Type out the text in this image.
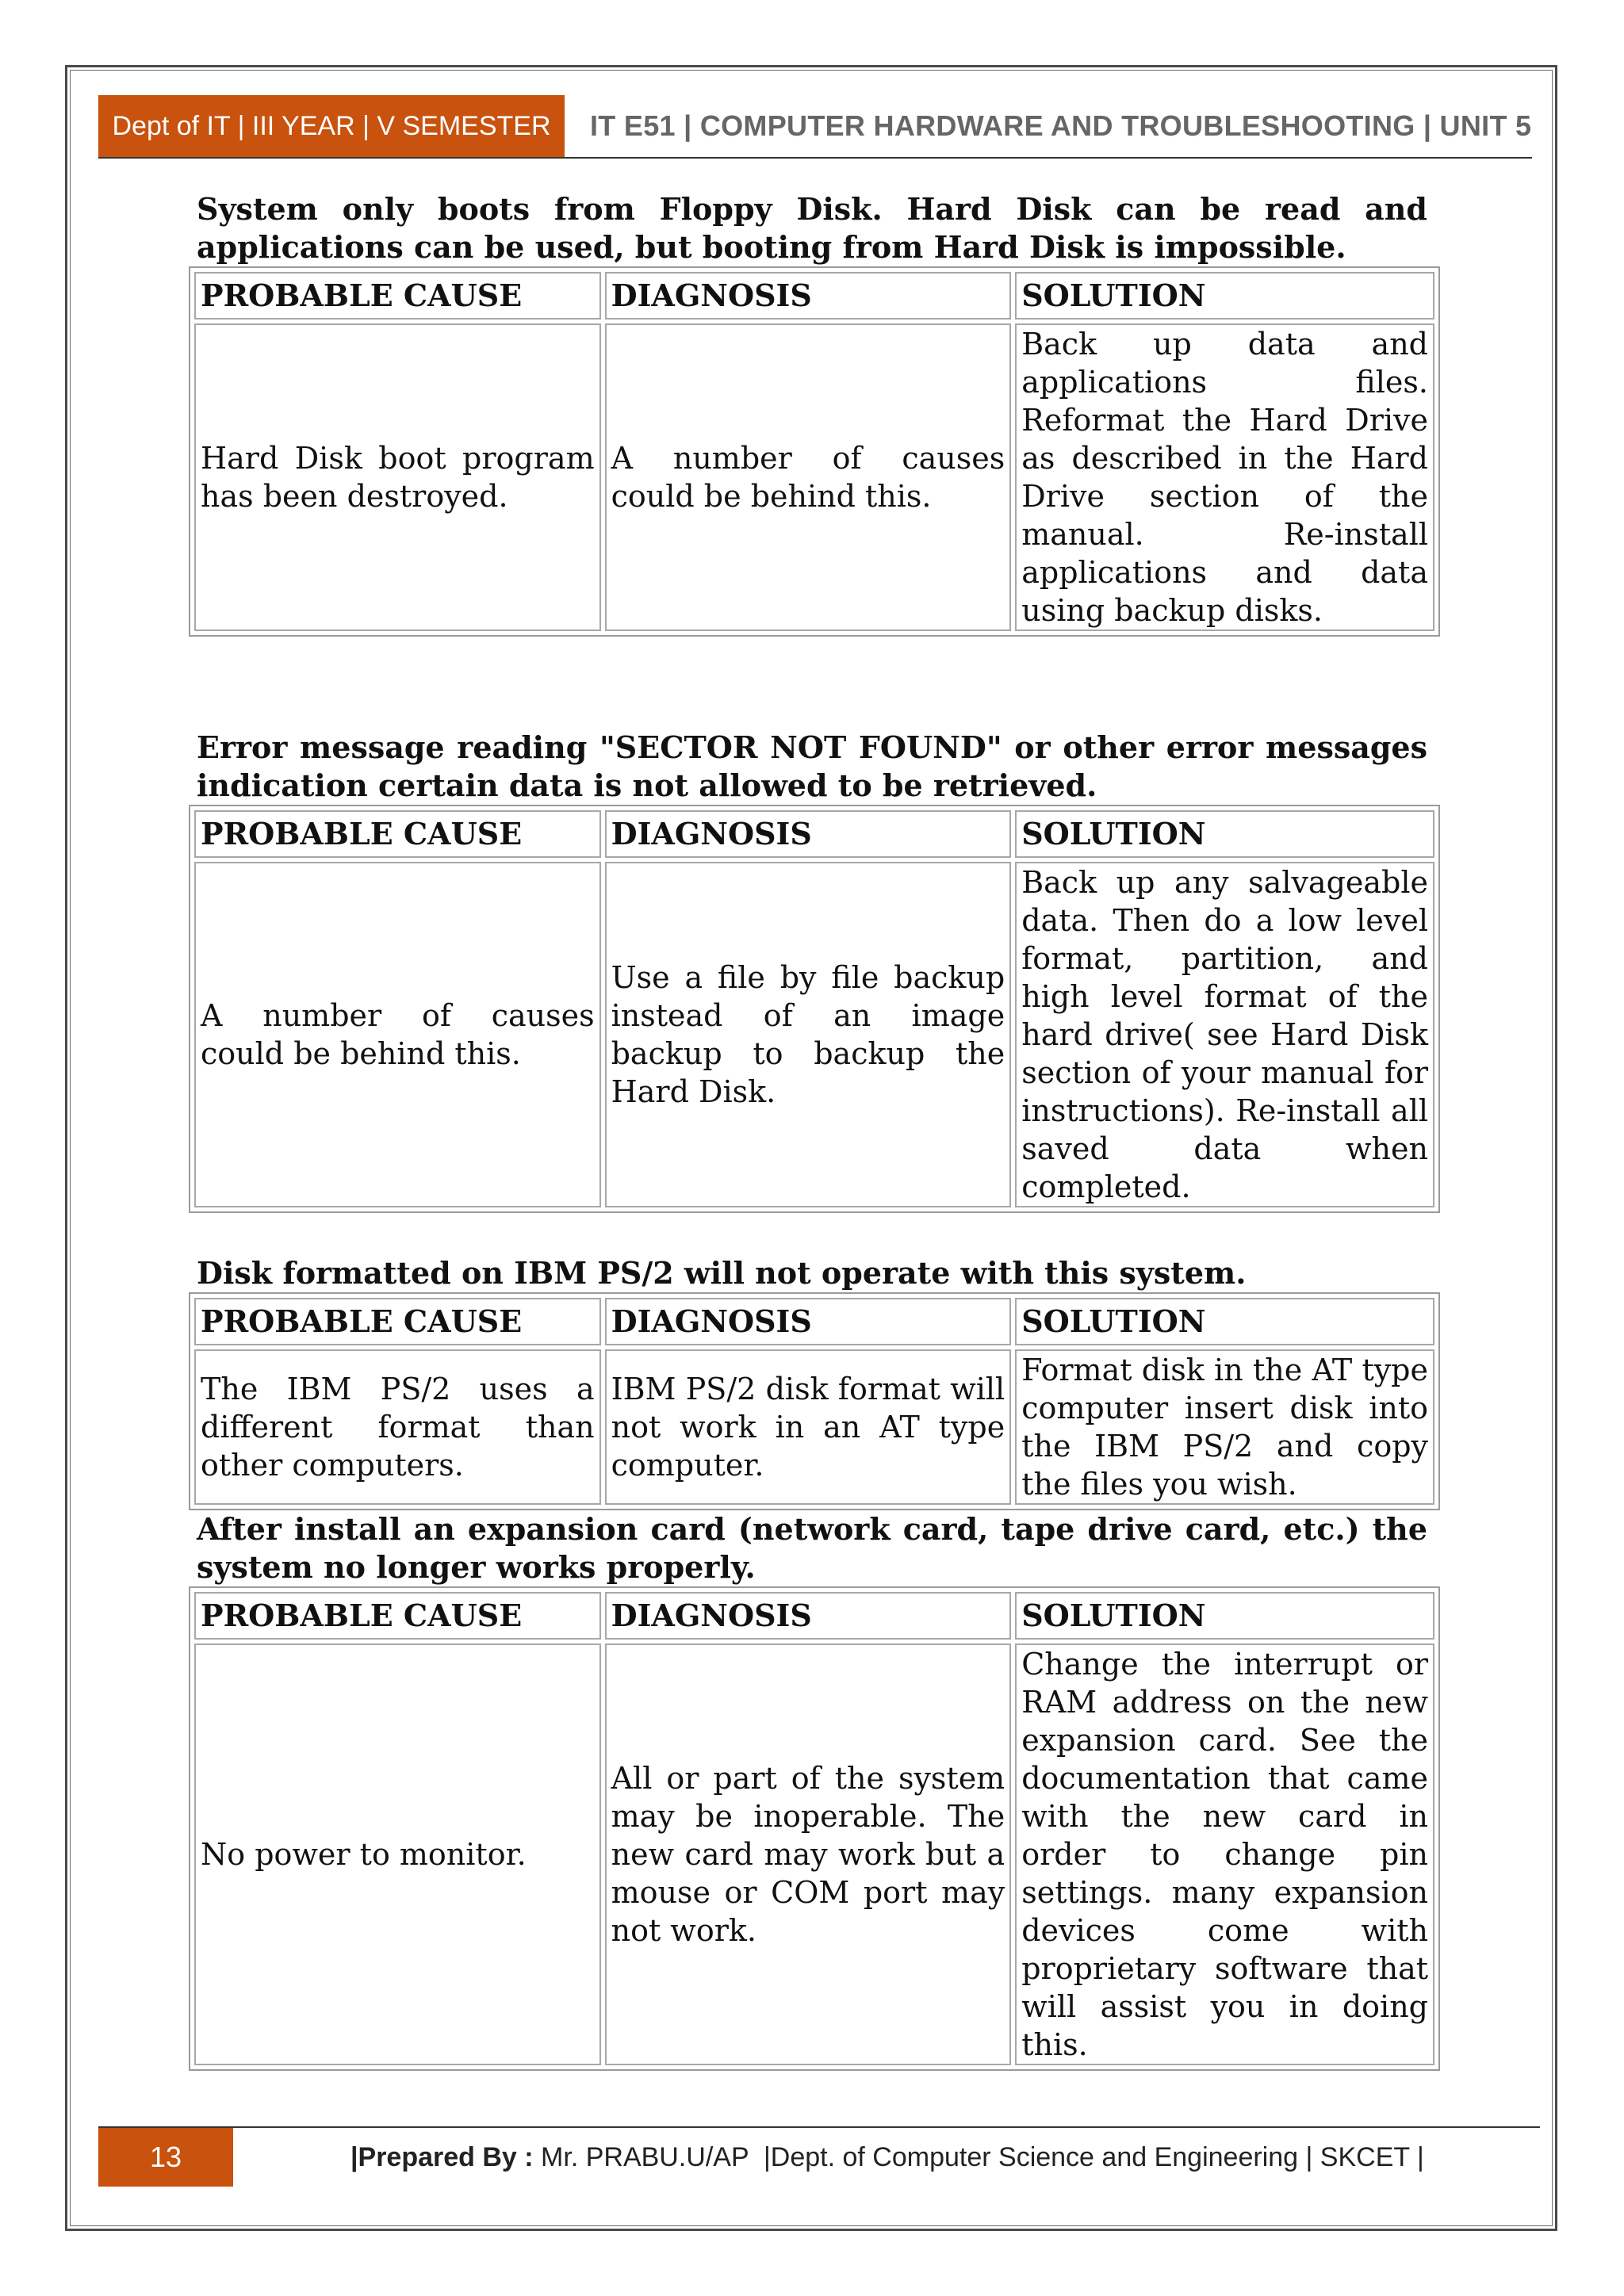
Dept of IT | III YEAR | V SEMESTER	IT E51 | COMPUTER HARDWARE AND TROUBLESHOOTING | UNIT 5

System only boots from Floppy Disk. Hard Disk can be read and applications can be used, but booting from Hard Disk is impossible.

PROBABLE CAUSE	DIAGNOSIS	SOLUTION
Hard Disk boot program has been destroyed.	A number of causes could be behind this.	Back up data and applications files. Reformat the Hard Drive as described in the Hard Drive section of the manual. Re-install applications and data using backup disks.

Error message reading "SECTOR NOT FOUND" or other error messages indication certain data is not allowed to be retrieved.

PROBABLE CAUSE	DIAGNOSIS	SOLUTION
A number of causes could be behind this.	Use a file by file backup instead of an image backup to backup the Hard Disk.	Back up any salvageable data. Then do a low level format, partition, and high level format of the hard drive( see Hard Disk section of your manual for instructions). Re-install all saved data when completed.

Disk formatted on IBM PS/2 will not operate with this system.

PROBABLE CAUSE	DIAGNOSIS	SOLUTION
The IBM PS/2 uses a different format than other computers.	IBM PS/2 disk format will not work in an AT type computer.	Format disk in the AT type computer insert disk into the IBM PS/2 and copy the files you wish.

After install an expansion card (network card, tape drive card, etc.) the system no longer works properly.

PROBABLE CAUSE	DIAGNOSIS	SOLUTION
No power to monitor.	All or part of the system may be inoperable. The new card may work but a mouse or COM port may not work.	Change the interrupt or RAM address on the new expansion card. See the documentation that came with the new card in order to change pin settings. many expansion devices come with proprietary software that will assist you in doing this.
13	|Prepared By : Mr. PRABU.U/AP  |Dept. of Computer Science and Engineering | SKCET |
